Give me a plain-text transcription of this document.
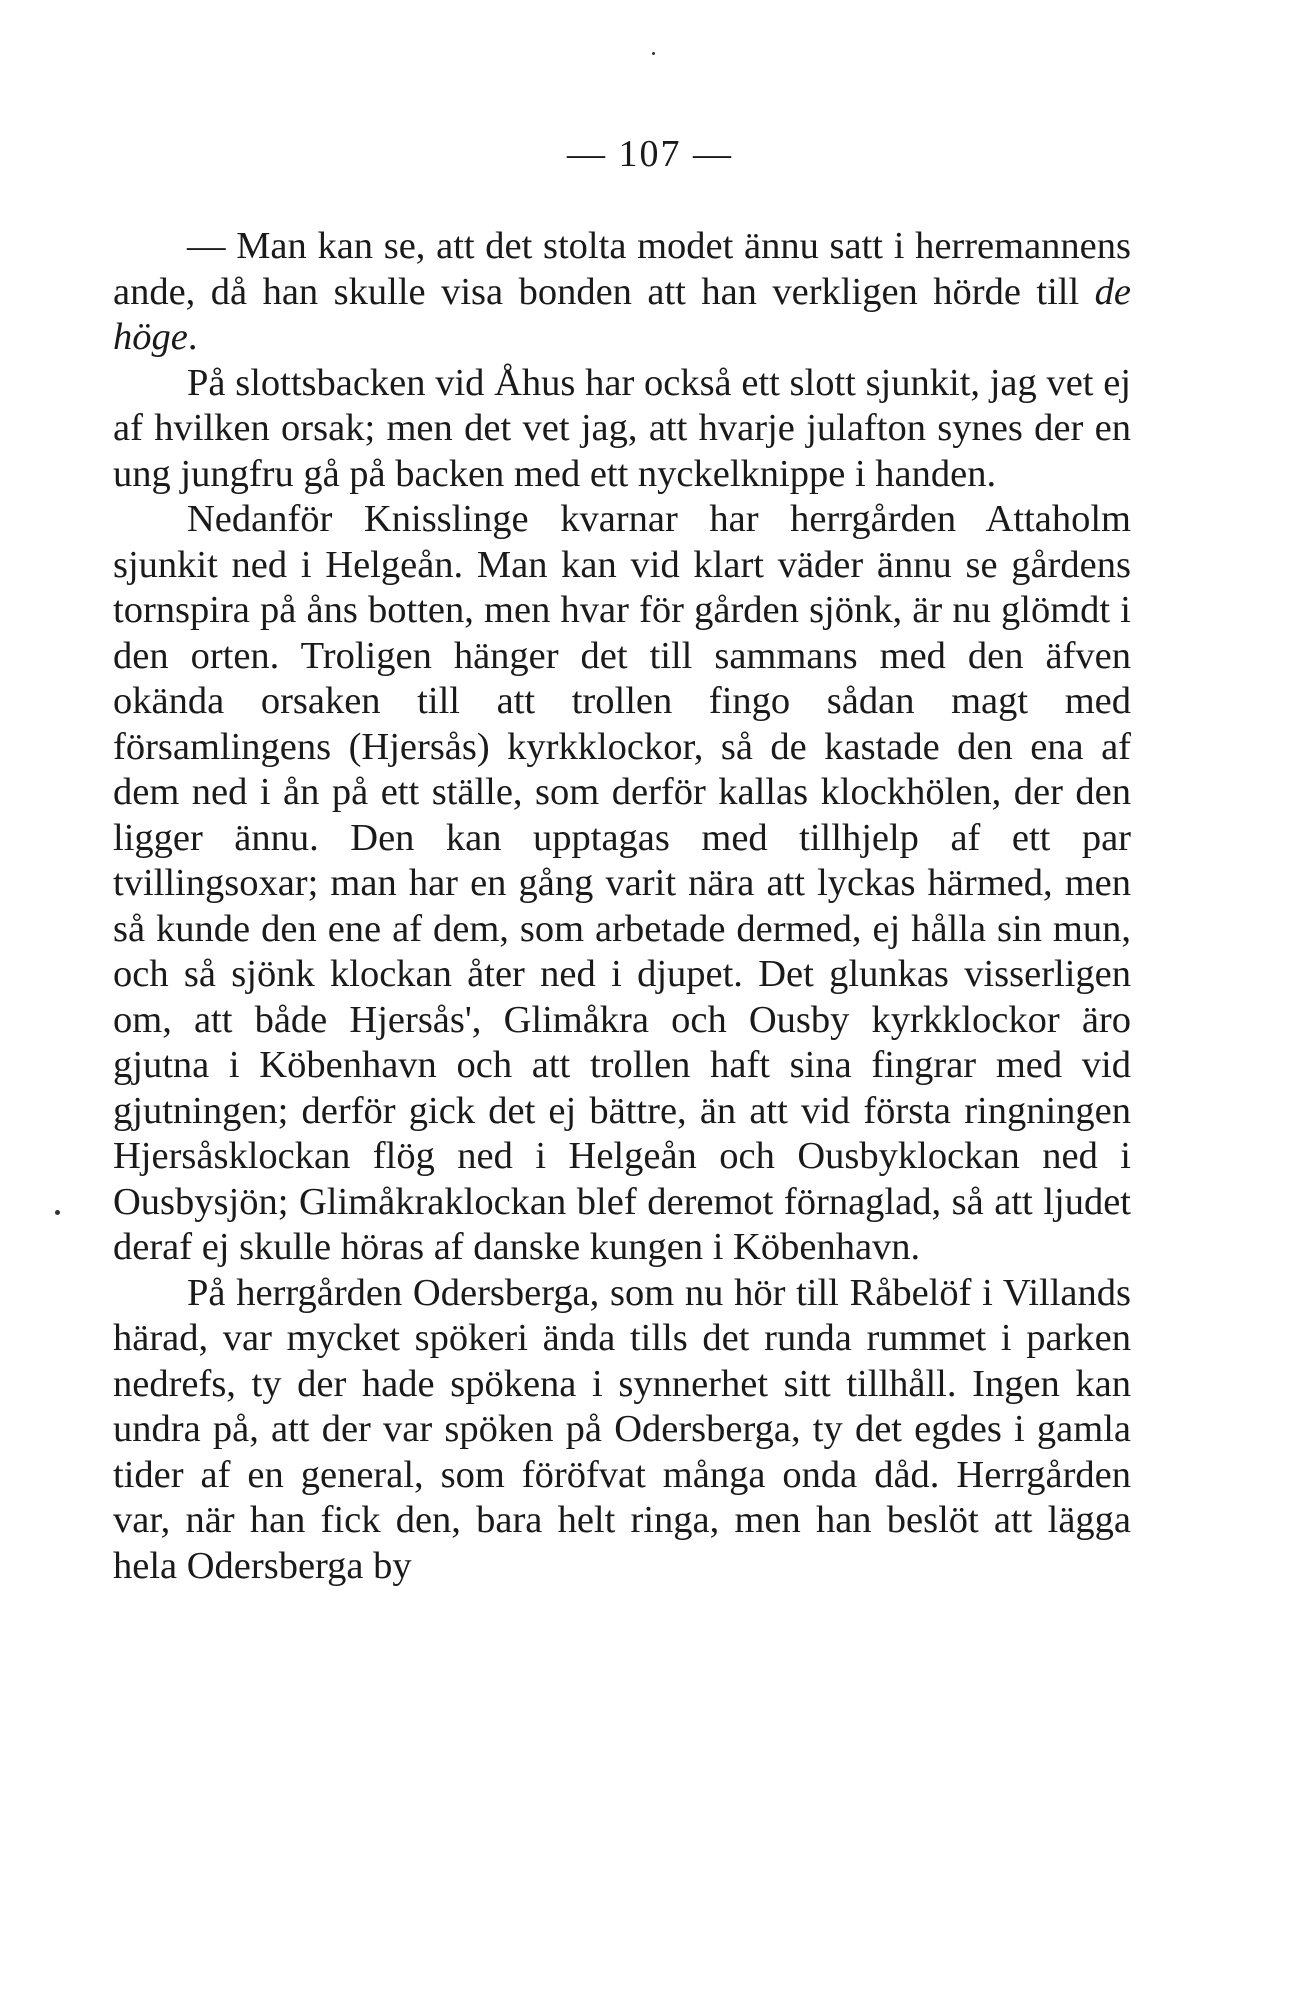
— 107 —

— Man kan se, att det stolta modet ännu satt i herremannens ande, då han skulle visa bonden att han verkligen hörde till de höge.

På slottsbacken vid Åhus har också ett slott sjunkit, jag vet ej af hvilken orsak; men det vet jag, att hvarje julafton synes der en ung jungfru gå på backen med ett nyckelknippe i handen.

Nedanför Knisslinge kvarnar har herrgården Attaholm sjunkit ned i Helgeån. Man kan vid klart väder ännu se gårdens tornspira på åns botten, men hvar för gården sjönk, är nu glömdt i den orten. Troligen hänger det till sammans med den äfven okända orsaken till att trollen fingo sådan magt med församlingens (Hjersås) kyrkklockor, så de kastade den ena af dem ned i ån på ett ställe, som derför kallas klockhölen, der den ligger ännu. Den kan upptagas med tillhjelp af ett par tvillingsoxar; man har en gång varit nära att lyckas härmed, men så kunde den ene af dem, som arbetade dermed, ej hålla sin mun, och så sjönk klockan åter ned i djupet. Det glunkas visserligen om, att både Hjersås', Glimåkra och Ousby kyrkklockor äro gjutna i Köbenhavn och att trollen haft sina fingrar med vid gjutningen; derför gick det ej bättre, än att vid första ringningen Hjersåsklockan flög ned i Helgeån och Ousbyklockan ned i Ousbysjön; Glimåkraklockan blef deremot förnaglad, så att ljudet deraf ej skulle höras af danske kungen i Köbenhavn.

På herrgården Odersberga, som nu hör till Råbelöf i Villands härad, var mycket spökeri ända tills det runda rummet i parken nedrefs, ty der hade spökena i synnerhet sitt tillhåll. Ingen kan undra på, att der var spöken på Odersberga, ty det egdes i gamla tider af en general, som föröfvat många onda dåd. Herrgården var, när han fick den, bara helt ringa, men han beslöt att lägga hela Odersberga by
